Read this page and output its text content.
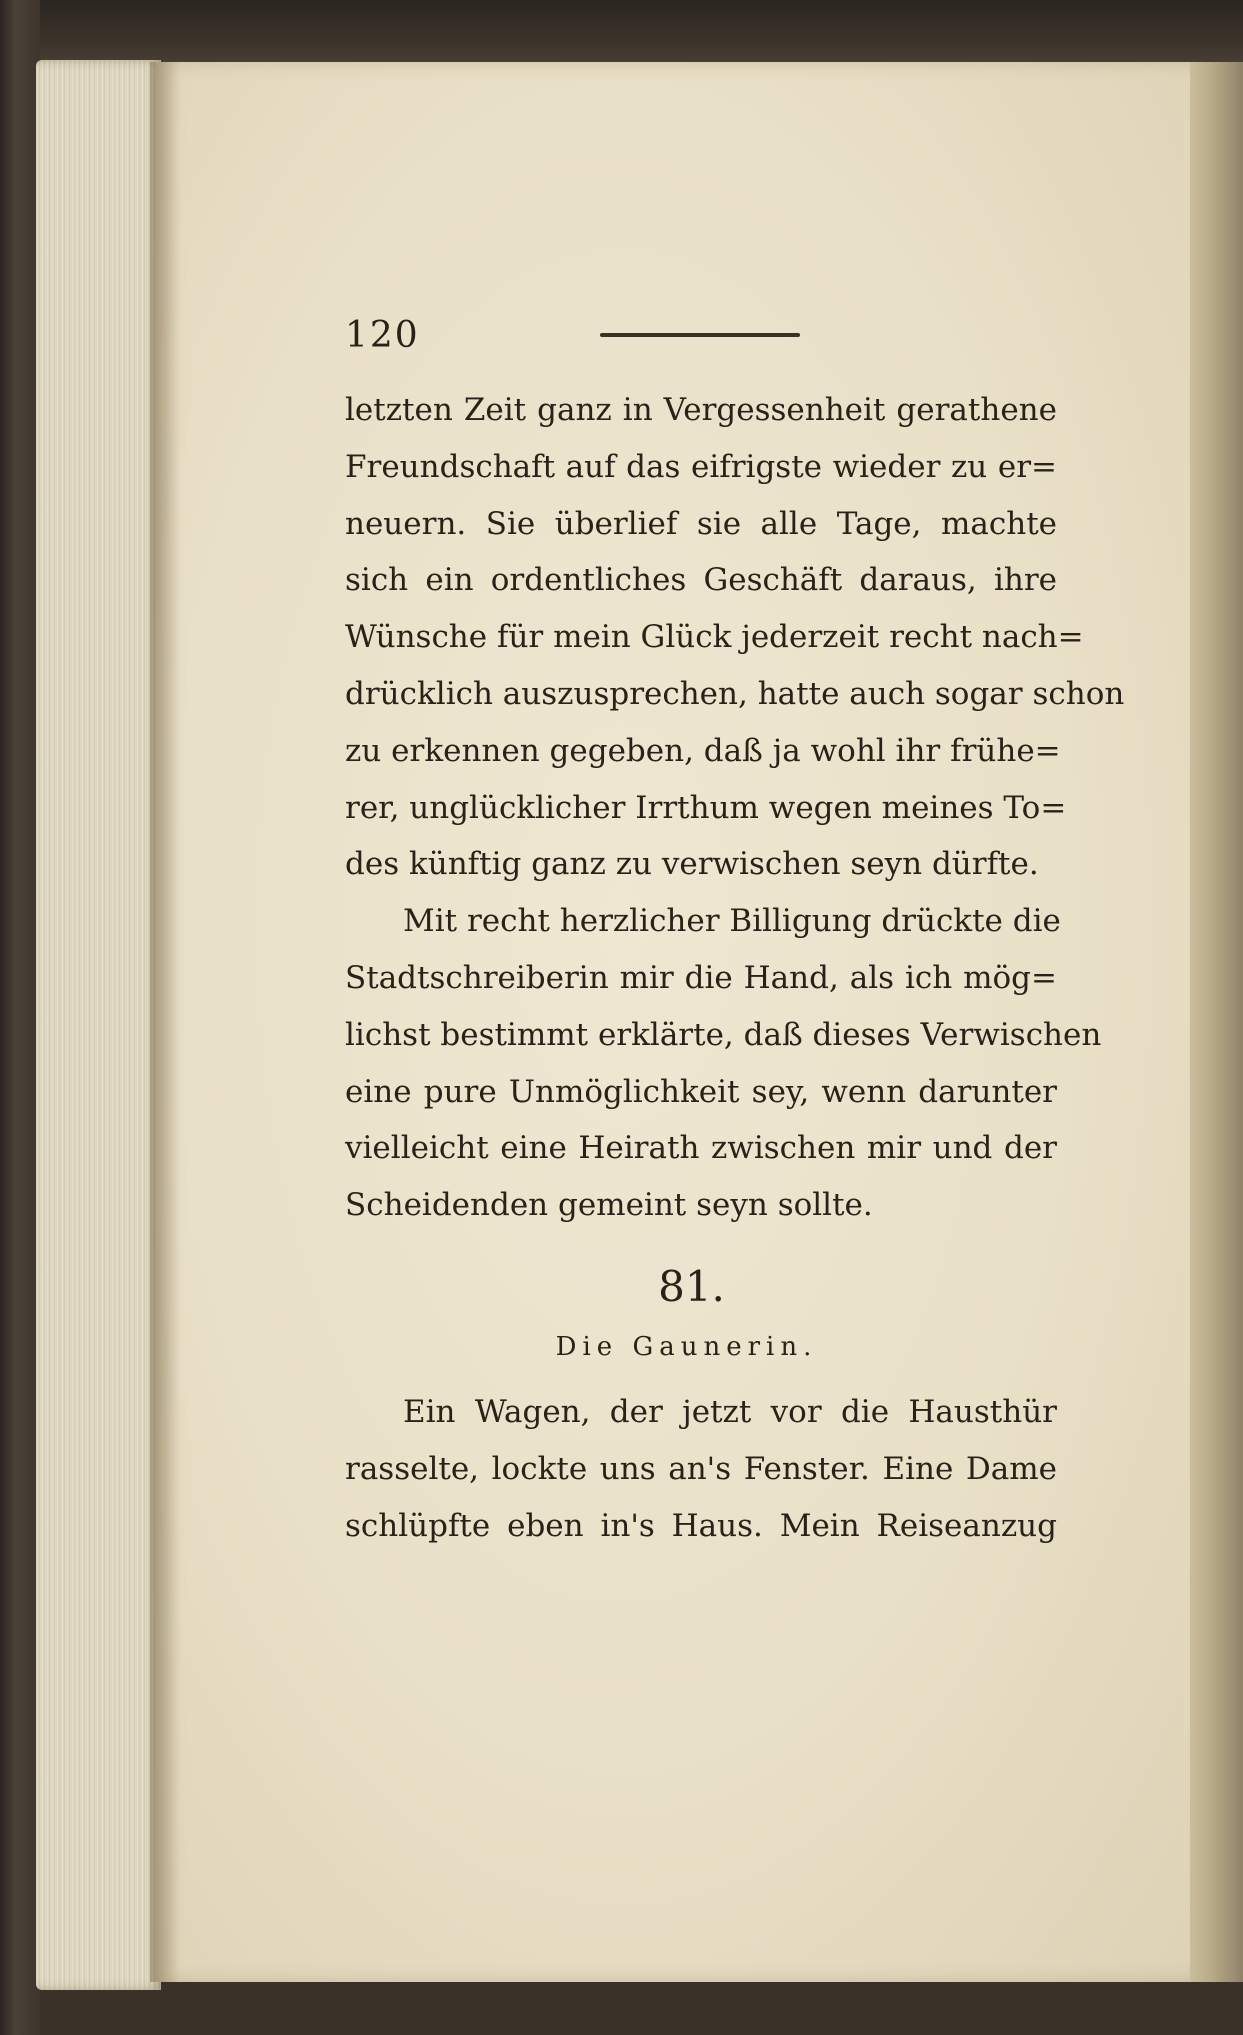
120
letzten Zeit ganz in Vergessenheit gerathene
Freundschaft auf das eifrigste wieder zu er=
neuern. Sie überlief sie alle Tage, machte
sich ein ordentliches Geschäft daraus, ihre
Wünsche für mein Glück jederzeit recht nach=
drücklich auszusprechen, hatte auch sogar schon
zu erkennen gegeben, daß ja wohl ihr frühe=
rer, unglücklicher Irrthum wegen meines To=
des künftig ganz zu verwischen seyn dürfte.
Mit recht herzlicher Billigung drückte die
Stadtschreiberin mir die Hand, als ich mög=
lichst bestimmt erklärte, daß dieses Verwischen
eine pure Unmöglichkeit sey, wenn darunter
vielleicht eine Heirath zwischen mir und der
Scheidenden gemeint seyn sollte.
81.
Die Gaunerin.
Ein Wagen, der jetzt vor die Hausthür
rasselte, lockte uns an's Fenster. Eine Dame
schlüpfte eben in's Haus. Mein Reiseanzug
